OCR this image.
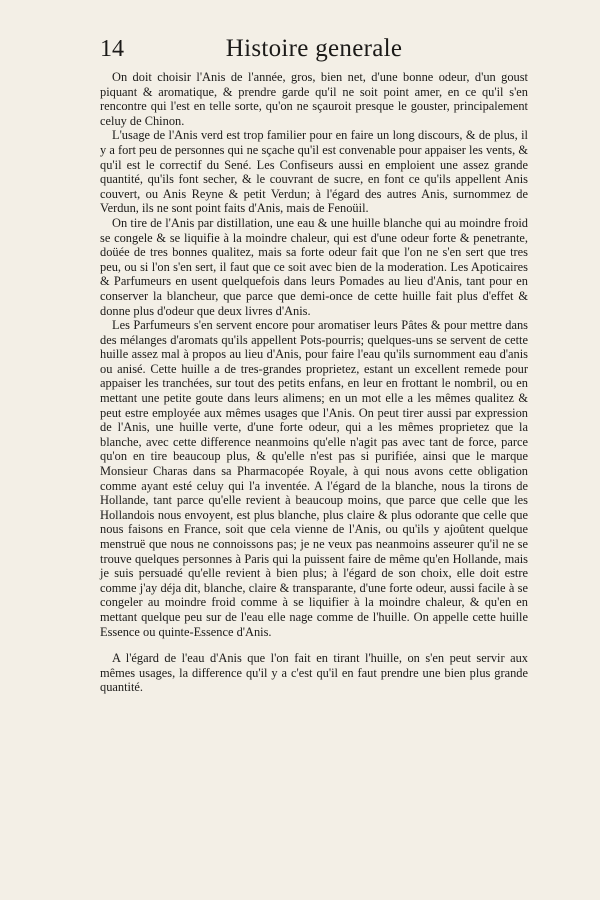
14	Histoire generale

On doit choisir l'Anis de l'année, gros, bien net, d'une bonne odeur, d'un goust piquant & aromatique, & prendre garde qu'il ne soit point amer, en ce qu'il s'en rencontre qui l'est en telle sorte, qu'on ne sçauroit presque le gouster, principalement celuy de Chinon.

L'usage de l'Anis verd est trop familier pour en faire un long discours, & de plus, il y a fort peu de personnes qui ne sçache qu'il est convenable pour appaiser les vents, & qu'il est le correctif du Sené. Les Confiseurs aussi en emploient une assez grande quantité, qu'ils font secher, & le couvrant de sucre, en font ce qu'ils appellent Anis couvert, ou Anis Reyne & petit Verdun; à l'égard des autres Anis, surnommez de Verdun, ils ne sont point faits d'Anis, mais de Fenoüil.

On tire de l'Anis par distillation, une eau & une huille blanche qui au moindre froid se congele & se liquifie à la moindre chaleur, qui est d'une odeur forte & penetrante, doüée de tres bonnes qualitez, mais sa forte odeur fait que l'on ne s'en sert que tres peu, ou si l'on s'en sert, il faut que ce soit avec bien de la moderation. Les Apoticaires & Parfumeurs en usent quelquefois dans leurs Pomades au lieu d'Anis, tant pour en conserver la blancheur, que parce que demi-once de cette huille fait plus d'effet & donne plus d'odeur que deux livres d'Anis.

Les Parfumeurs s'en servent encore pour aromatiser leurs Pâtes & pour mettre dans des mélanges d'aromats qu'ils appellent Pots-pourris; quelques-uns se servent de cette huille assez mal à propos au lieu d'Anis, pour faire l'eau qu'ils surnomment eau d'anis ou anisé. Cette huille a de tres-grandes proprietez, estant un excellent remede pour appaiser les tranchées, sur tout des petits enfans, en leur en frottant le nombril, ou en mettant une petite goute dans leurs alimens; en un mot elle a les mêmes qualitez & peut estre employée aux mêmes usages que l'Anis. On peut tirer aussi par expression de l'Anis, une huille verte, d'une forte odeur, qui a les mêmes proprietez que la blanche, avec cette difference neanmoins qu'elle n'agit pas avec tant de force, parce qu'on en tire beaucoup plus, & qu'elle n'est pas si purifiée, ainsi que le marque Monsieur Charas dans sa Pharmacopée Royale, à qui nous avons cette obligation comme ayant esté celuy qui l'a inventée. A l'égard de la blanche, nous la tirons de Hollande, tant parce qu'elle revient à beaucoup moins, que parce que celle que les Hollandois nous envoyent, est plus blanche, plus claire & plus odorante que celle que nous faisons en France, soit que cela vienne de l'Anis, ou qu'ils y ajoûtent quelque menstruë que nous ne connoissons pas; je ne veux pas neanmoins asseurer qu'il ne se trouve quelques personnes à Paris qui la puissent faire de même qu'en Hollande, mais je suis persuadé qu'elle revient à bien plus; à l'égard de son choix, elle doit estre comme j'ay déja dit, blanche, claire & transparante, d'une forte odeur, aussi facile à se congeler au moindre froid comme à se liquifier à la moindre chaleur, & qu'en en mettant quelque peu sur de l'eau elle nage comme de l'huille. On appelle cette huille Essence ou quinte-Essence d'Anis.

A l'égard de l'eau d'Anis que l'on fait en tirant l'huille, on s'en peut servir aux mêmes usages, la difference qu'il y a c'est qu'il en faut prendre une bien plus grande quantité.
